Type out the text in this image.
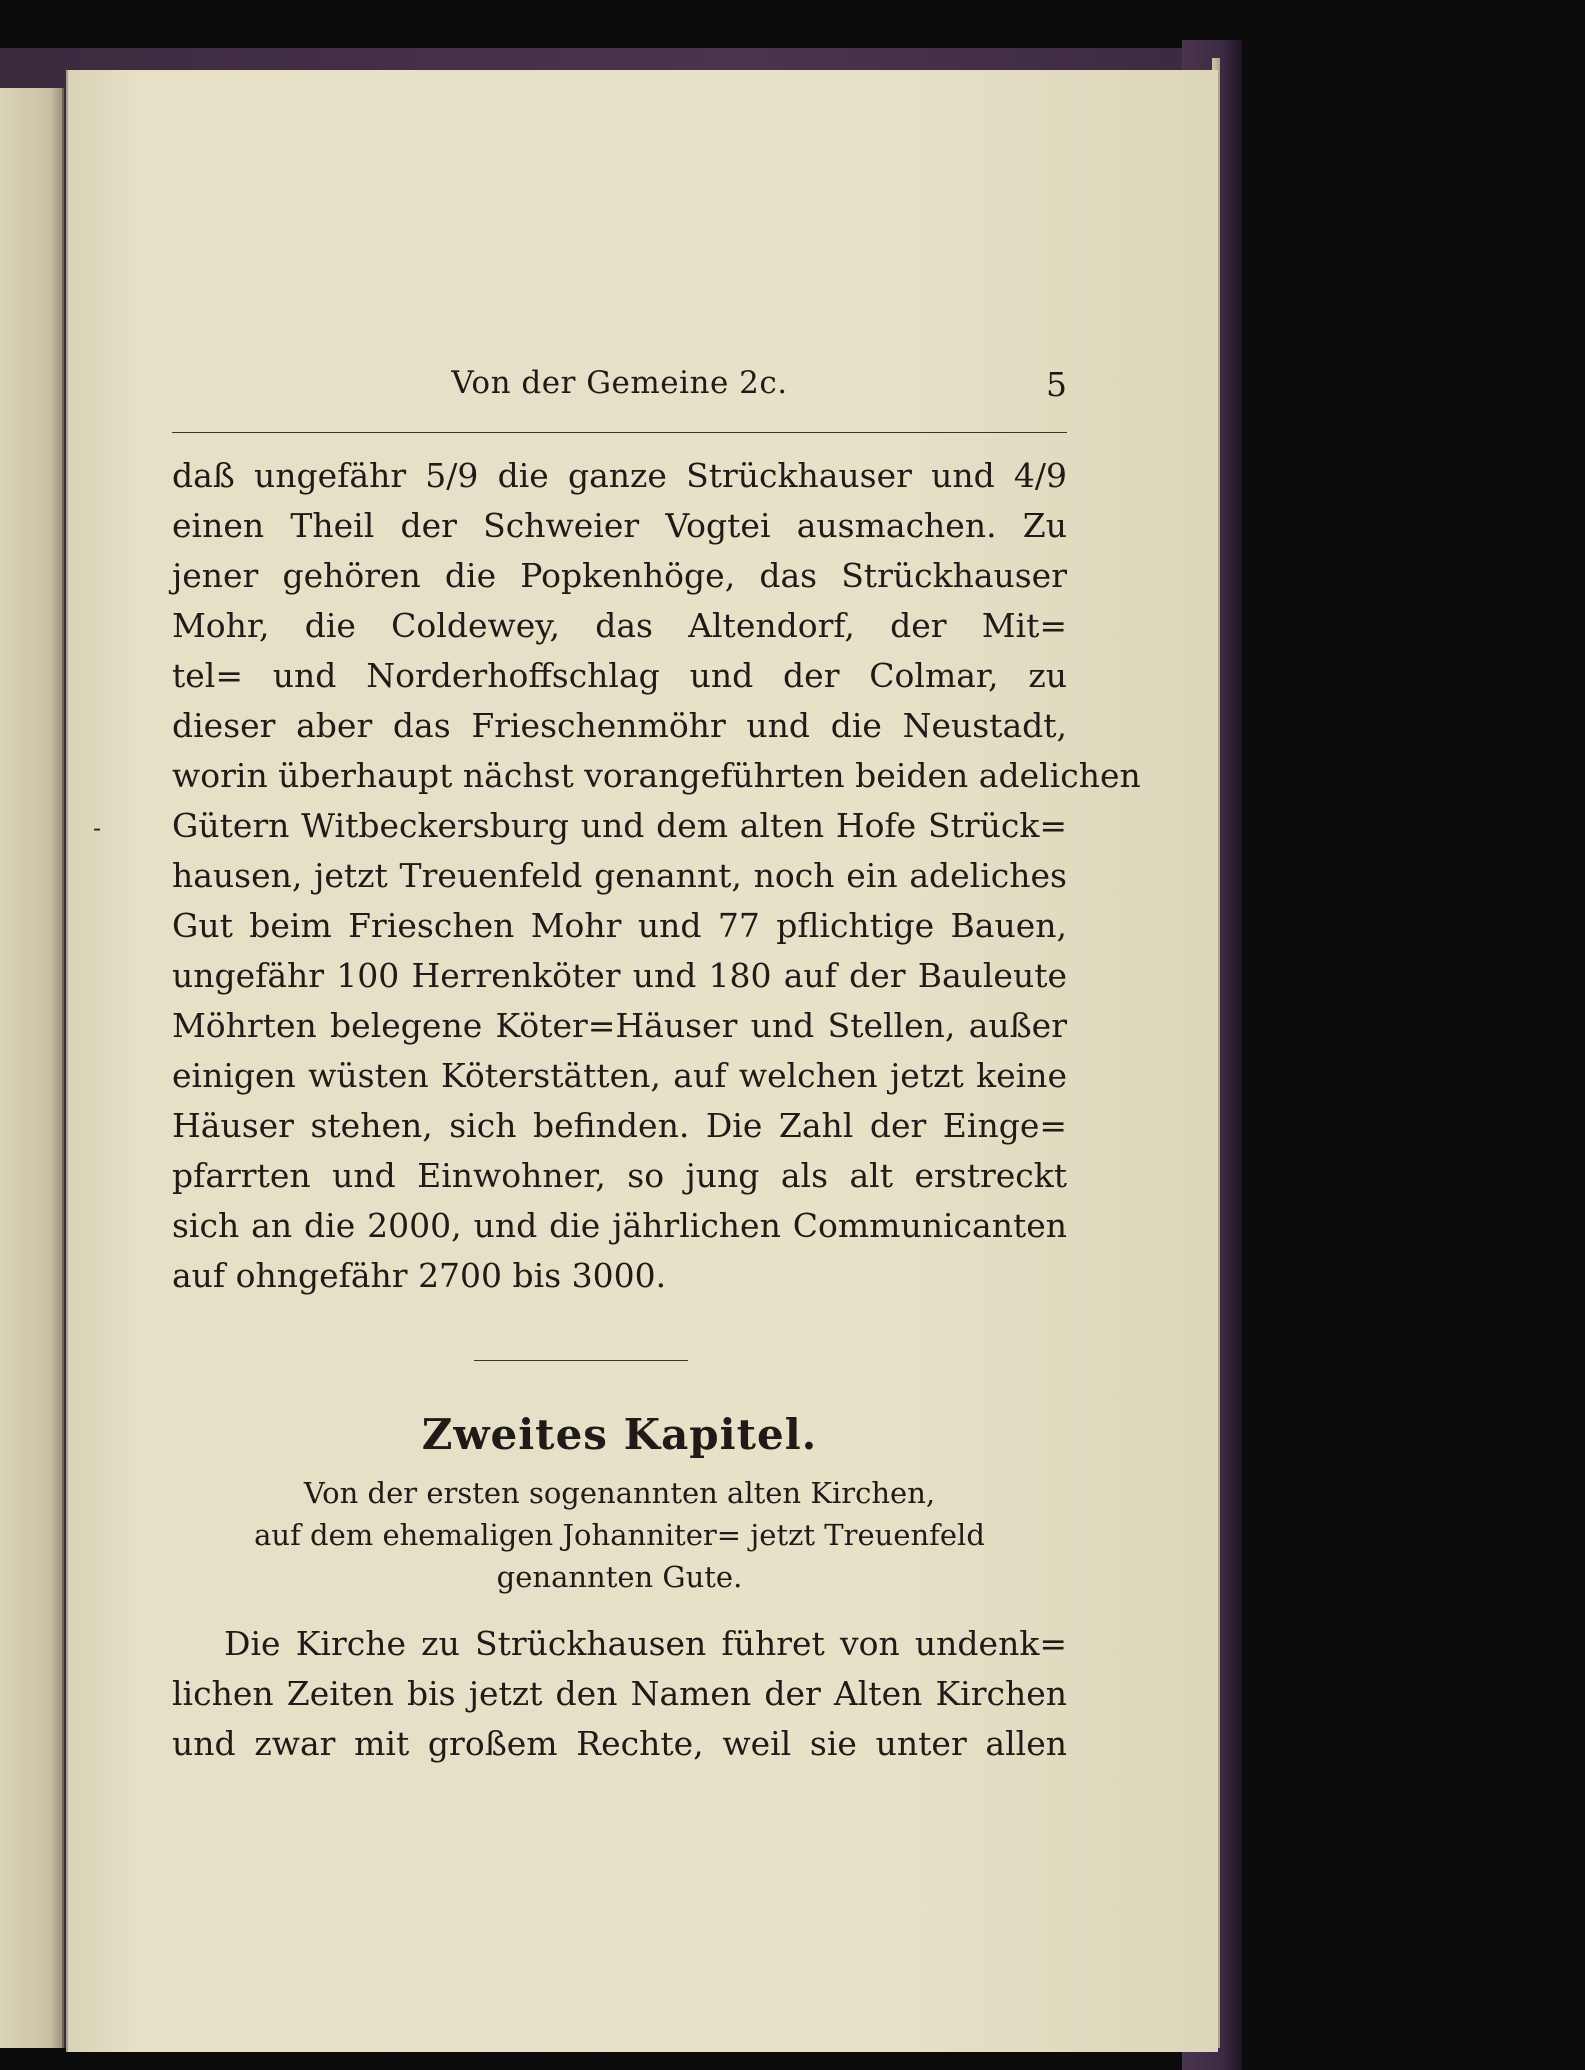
-
Von der Gemeine 2c.	5
daß ungefähr 5/9 die ganze Strückhauser und 4/9
einen Theil der Schweier Vogtei ausmachen. Zu
jener gehören die Popkenhöge, das Strückhauser
Mohr, die Coldewey, das Altendorf, der Mit=
tel= und Norderhoffschlag und der Colmar, zu
dieser aber das Frieschenmöhr und die Neustadt,
worin überhaupt nächst vorangeführten beiden adelichen
Gütern Witbeckersburg und dem alten Hofe Strück=
hausen, jetzt Treuenfeld genannt, noch ein adeliches
Gut beim Frieschen Mohr und 77 pflichtige Bauen,
ungefähr 100 Herrenköter und 180 auf der Bauleute
Möhrten belegene Köter=Häuser und Stellen, außer
einigen wüsten Köterstätten, auf welchen jetzt keine
Häuser stehen, sich befinden. Die Zahl der Einge=
pfarrten und Einwohner, so jung als alt erstreckt
sich an die 2000, und die jährlichen Communicanten
auf ohngefähr 2700 bis 3000.
Zweites Kapitel.
Von der ersten sogenannten alten Kirchen,
auf dem ehemaligen Johanniter= jetzt Treuenfeld
genannten Gute.
Die Kirche zu Strückhausen führet von undenk=
lichen Zeiten bis jetzt den Namen der Alten Kirchen
und zwar mit großem Rechte, weil sie unter allen
